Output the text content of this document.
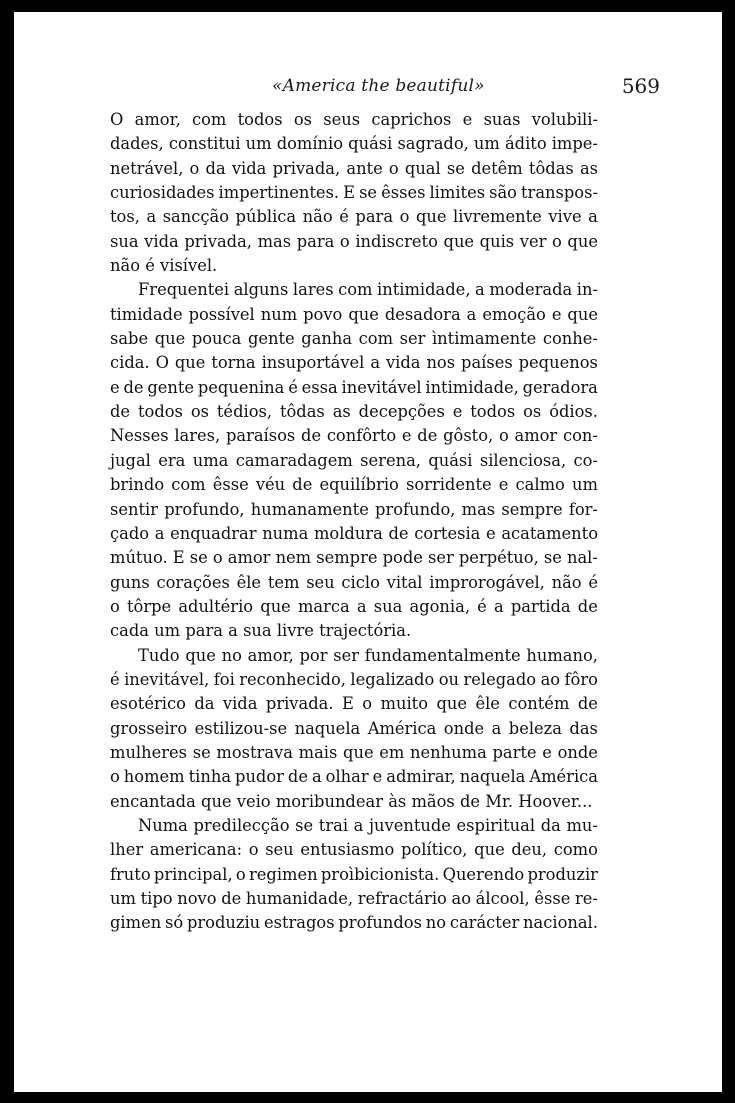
«America the beautiful»	569
O amor, com todos os seus caprichos e suas volubili-
dades, constitui um domínio quási sagrado, um ádito impe-
netrável, o da vida privada, ante o qual se detêm tôdas as
curiosidades impertinentes. E se êsses limites são transpos-
tos, a sancção pública não é para o que livremente vive a
sua vida privada, mas para o indiscreto que quis ver o que
não é visível.
Frequentei alguns lares com intimidade, a moderada in-
timidade possível num povo que desadora a emoção e que
sabe que pouca gente ganha com ser ìntimamente conhe-
cida. O que torna insuportável a vida nos países pequenos
e de gente pequenina é essa inevitável intimidade, geradora
de todos os tédios, tôdas as decepções e todos os ódios.
Nesses lares, paraísos de confôrto e de gôsto, o amor con-
jugal era uma camaradagem serena, quási silenciosa, co-
brindo com êsse véu de equilíbrio sorridente e calmo um
sentir profundo, humanamente profundo, mas sempre for-
çado a enquadrar numa moldura de cortesia e acatamento
mútuo. E se o amor nem sempre pode ser perpétuo, se nal-
guns corações êle tem seu ciclo vital improrogável, não é
o tôrpe adultério que marca a sua agonia, é a partida de
cada um para a sua livre trajectória.
Tudo que no amor, por ser fundamentalmente humano,
é inevitável, foi reconhecido, legalizado ou relegado ao fôro
esotérico da vida privada. E o muito que êle contém de
grosseiro estilizou-se naquela América onde a beleza das
mulheres se mostrava mais que em nenhuma parte e onde
o homem tinha pudor de a olhar e admirar, naquela América
encantada que veio moribundear às mãos de Mr. Hoover...
Numa predilecção se trai a juventude espiritual da mu-
lher americana: o seu entusiasmo político, que deu, como
fruto principal, o regimen proìbicionista. Querendo produzir
um tipo novo de humanidade, refractário ao álcool, êsse re-
gimen só produziu estragos profundos no carácter nacional.
